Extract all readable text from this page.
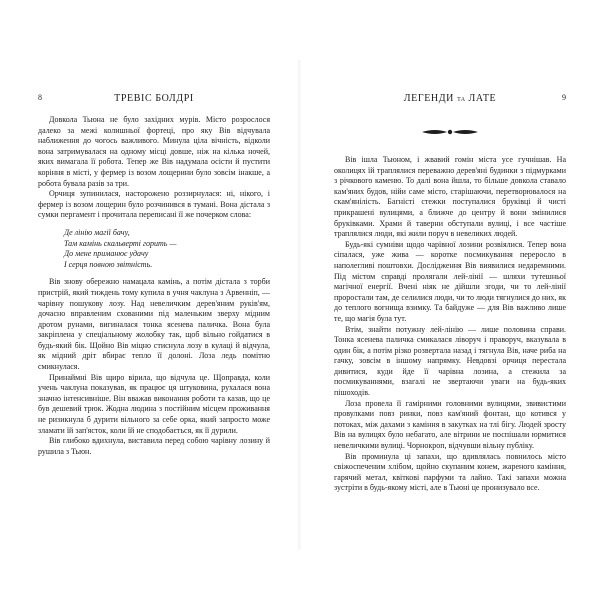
8	ТРЕВІС БОЛДРІ

Довкола Тьюна не було західних мурів. Місто розрослося далеко за межі колишньої фортеці, про яку Вів відчувала наближення до чогось важливого. Минула ціла вічність, відколи вона затримувалася на одному місці довше, ніж на кілька ночей, яких вимагала її робота. Тепер же Вів надумала осісти й пустити коріння в місті, у фермер із возом лощерини було зовсім інакше, а робота бувала разів за три.

Орчиця зупинилася, насторожено роззирнулася: ні, нікого, і фермер із возом лощерин було розчинився в тумані. Вона дістала з сумки пергамент і прочитала переписані її же почерком слова:

Де лінію магії бачу,
Там камінь скальверті горить —
До мене приманює удачу
І серця повною звітність.

Вів знову обережно намацала камінь, а потім дістала з торби пристрій, який тиждень тому купила в учня чаклуна з Арвенніп, — чарівну пошукову лозу. Над невеличким дерев'яним руків'ям, дочасно вправленим схованими під маленьким зверху мідним дротом рунами, вигиналася тонка ясенева паличка. Вона була закріплена у спеціальному жолобку так, щоб вільно гойдатися в будь-який бік. Щойно Вів міцно стиснула лозу в кулаці й відчула, як мідний дріт вбирає тепло її долоні. Лоза ледь помітно смикнулася.

Принаймні Вів щиро вірила, що відчула це. Щоправда, коли учень чаклуна показував, як працює ця штуковина, рухалася вона значно інтенсивніше. Він вважав виконання роботи та казав, що це був дешевий трюк. Жодна людина з постійним місцем проживання не ризикнула б дурити вільного за себе орка, який запросто може зламати їй зап'ясток, коли їй не сподобається, як її дурили.

Вів глибоко вдихнула, виставила перед собою чарівну лозину й рушила з Тьюн.

ЛЕГЕНДИ ТА ЛАТЕ	9

Вів ішла Тьюном, і жвавий гомін міста усе гучнішав. На околицях їй траплялися переважно дерев'яні будинки з підмурками з річкового каменю. То далі вона йшла, то більше довкола ставало кам'яних будов, нійи саме місто, старішаючи, перетворювалося на скам'янілість. Багністі стежки поступалися бруківці й чисті прикрашені вулицями, а ближче до центру й вони змінилися бруківками. Храми й таверни обступали вулиці, і все частіше траплялися люди, які жили поруч в невеликих людей.

Будь-які сумніви щодо чарівної лозини розвіялися. Тепер вона сіпалася, уже жива — коротке посмикування переросло в наполегливі поштовхи. Дослідження Вів виявилися недаремними. Під містом справді пролягали лей-лінії — шляхи тутешньої магічної енергії. Вчені ніяк не дійшли згоди, чи то лей-лінії проростали там, де селилися люди, чи то люди тягнулися до них, як до теплого вогнища взимку. Та байдуже — для Вів важливо лише те, що магія була тут.

Втім, знайти потужну лей-лінію — лише половина справи. Тонка ясенева паличка смикалася ліворуч і праворуч, вказувала в один бік, а потім різко розвертала назад і тягнула Вів, наче риба на гачку, зовсім в іншому напрямку. Невдовзі орчиця перестала дивитися, куди йде її чарівна лозина, а стежила за посмикуваннями, взагалі не звертаючи уваги на будь-яких пішоходів.

Лоза провела її гамірними головними вулицями, звивистими провулками повз ринки, повз кам'яний фонтан, що котився у потоках, між дахами з каміння в закутках на тлі бігу. Людей зросту Вів на вулицях було небагато, але вітрини не поспішали юрмитися невеличкими вулиці. Чорнокроп, відчувши вільну публіку.

Вів проминула ці запахи, що вдивлялась повнилось місто свіжоспеченим хлібом, щойно скупаним конем, жареного каміння, гарячий метал, квіткові парфуми та лайно. Такі запахи можна зустріти в будь-якому місті, але в Тьюні це пронизувало все.
